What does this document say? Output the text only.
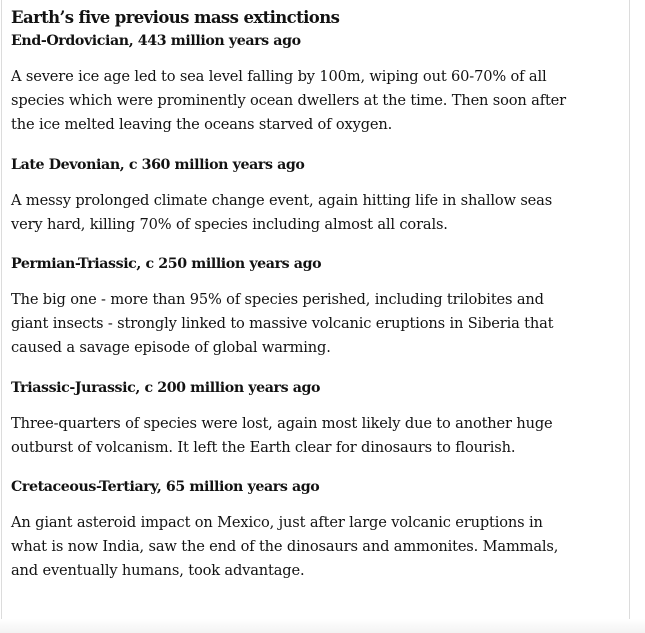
Earth’s five previous mass extinctions
End-Ordovician, 443 million years ago

A severe ice age led to sea level falling by 100m, wiping out 60-70% of all
species which were prominently ocean dwellers at the time. Then soon after
the ice melted leaving the oceans starved of oxygen.

Late Devonian, c 360 million years ago

A messy prolonged climate change event, again hitting life in shallow seas
very hard, killing 70% of species including almost all corals.

Permian-Triassic, c 250 million years ago

The big one - more than 95% of species perished, including trilobites and
giant insects - strongly linked to massive volcanic eruptions in Siberia that
caused a savage episode of global warming.

Triassic-Jurassic, c 200 million years ago

Three-quarters of species were lost, again most likely due to another huge
outburst of volcanism. It left the Earth clear for dinosaurs to flourish.

Cretaceous-Tertiary, 65 million years ago

An giant asteroid impact on Mexico, just after large volcanic eruptions in
what is now India, saw the end of the dinosaurs and ammonites. Mammals,
and eventually humans, took advantage.
